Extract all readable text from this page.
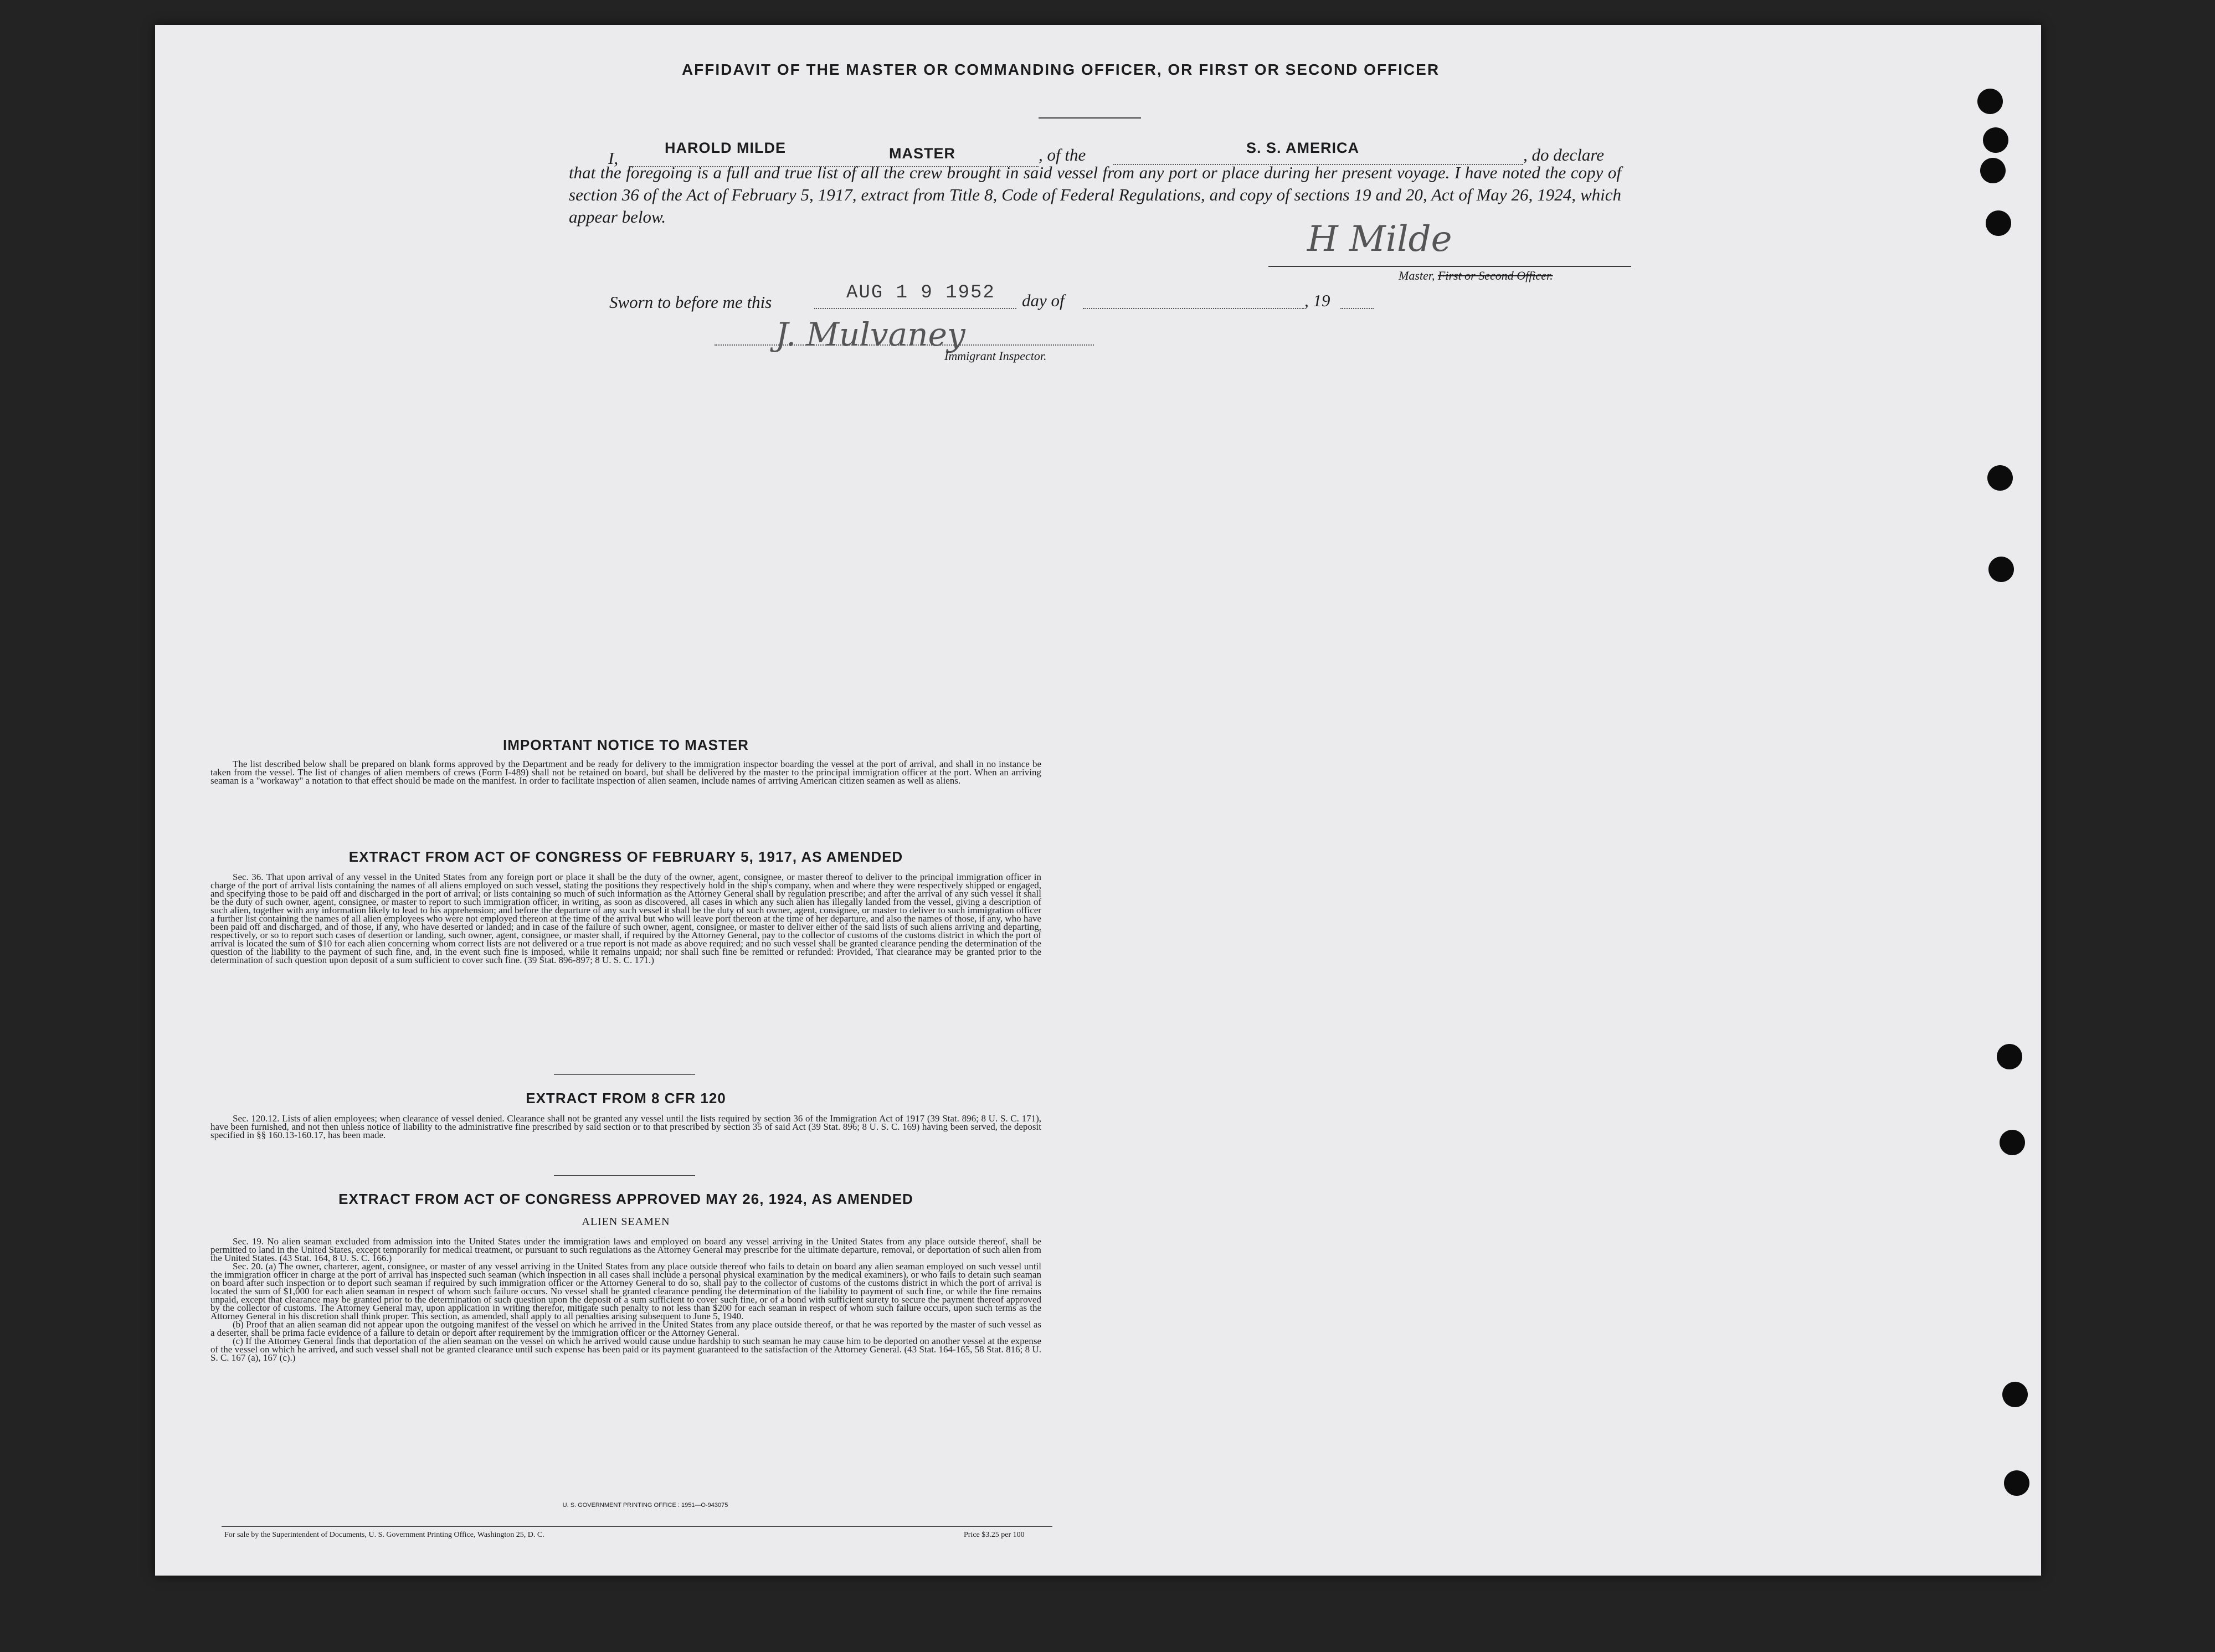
AFFIDAVIT OF THE MASTER OR COMMANDING OFFICER, OR FIRST OR SECOND OFFICER
I,
HAROLD MILDE	MASTER	, of the	S. S. AMERICA	, do declare
that the foregoing is a full and true list of all the crew brought in said vessel from any port or place during her present voyage. I have noted the copy of section 36 of the Act of February 5, 1917, extract from Title 8, Code of Federal Regulations, and copy of sections 19 and 20, Act of May 26, 1924, which appear below.
H Milde
Master, First or Second Officer.
Sworn to before me this	AUG 1 9 1952 day of	, 19
J. Mulvaney
Immigrant Inspector.
IMPORTANT NOTICE TO MASTER

The list described below shall be prepared on blank forms approved by the Department and be ready for delivery to the immigration inspector boarding the vessel at the port of arrival, and shall in no instance be taken from the vessel. The list of changes of alien members of crews (Form I-489) shall not be retained on board, but shall be delivered by the master to the principal immigration officer at the port. When an arriving seaman is a "workaway" a notation to that effect should be made on the manifest. In order to facilitate inspection of alien seamen, include names of arriving American citizen seamen as well as aliens.

EXTRACT FROM ACT OF CONGRESS OF FEBRUARY 5, 1917, AS AMENDED

Sec. 36. That upon arrival of any vessel in the United States from any foreign port or place it shall be the duty of the owner, agent, consignee, or master thereof to deliver to the principal immigration officer in charge of the port of arrival lists containing the names of all aliens employed on such vessel, stating the positions they respectively hold in the ship's company, when and where they were respectively shipped or engaged, and specifying those to be paid off and discharged in the port of arrival; or lists containing so much of such information as the Attorney General shall by regulation prescribe; and after the arrival of any such vessel it shall be the duty of such owner, agent, consignee, or master to report to such immigration officer, in writing, as soon as discovered, all cases in which any such alien has illegally landed from the vessel, giving a description of such alien, together with any information likely to lead to his apprehension; and before the departure of any such vessel it shall be the duty of such owner, agent, consignee, or master to deliver to such immigration officer a further list containing the names of all alien employees who were not employed thereon at the time of the arrival but who will leave port thereon at the time of her departure, and also the names of those, if any, who have been paid off and discharged, and of those, if any, who have deserted or landed; and in case of the failure of such owner, agent, consignee, or master to deliver either of the said lists of such aliens arriving and departing, respectively, or so to report such cases of desertion or landing, such owner, agent, consignee, or master shall, if required by the Attorney General, pay to the collector of customs of the customs district in which the port of arrival is located the sum of $10 for each alien concerning whom correct lists are not delivered or a true report is not made as above required; and no such vessel shall be granted clearance pending the determination of the question of the liability to the payment of such fine, and, in the event such fine is imposed, while it remains unpaid; nor shall such fine be remitted or refunded: Provided, That clearance may be granted prior to the determination of such question upon deposit of a sum sufficient to cover such fine. (39 Stat. 896-897; 8 U. S. C. 171.)

EXTRACT FROM 8 CFR 120

Sec. 120.12. Lists of alien employees; when clearance of vessel denied. Clearance shall not be granted any vessel until the lists required by section 36 of the Immigration Act of 1917 (39 Stat. 896; 8 U. S. C. 171), have been furnished, and not then unless notice of liability to the administrative fine prescribed by said section or to that prescribed by section 35 of said Act (39 Stat. 896; 8 U. S. C. 169) having been served, the deposit specified in §§ 160.13-160.17, has been made.

EXTRACT FROM ACT OF CONGRESS APPROVED MAY 26, 1924, AS AMENDED
ALIEN SEAMEN

Sec. 19. No alien seaman excluded from admission into the United States under the immigration laws and employed on board any vessel arriving in the United States from any place outside thereof, shall be permitted to land in the United States, except temporarily for medical treatment, or pursuant to such regulations as the Attorney General may prescribe for the ultimate departure, removal, or deportation of such alien from the United States. (43 Stat. 164, 8 U. S. C. 166.)

Sec. 20. (a) The owner, charterer, agent, consignee, or master of any vessel arriving in the United States from any place outside thereof who fails to detain on board any alien seaman employed on such vessel until the immigration officer in charge at the port of arrival has inspected such seaman (which inspection in all cases shall include a personal physical examination by the medical examiners), or who fails to detain such seaman on board after such inspection or to deport such seaman if required by such immigration officer or the Attorney General to do so, shall pay to the collector of customs of the customs district in which the port of arrival is located the sum of $1,000 for each alien seaman in respect of whom such failure occurs. No vessel shall be granted clearance pending the determination of the liability to payment of such fine, or while the fine remains unpaid, except that clearance may be granted prior to the determination of such question upon the deposit of a sum sufficient to cover such fine, or of a bond with sufficient surety to secure the payment thereof approved by the collector of customs. The Attorney General may, upon application in writing therefor, mitigate such penalty to not less than $200 for each seaman in respect of whom such failure occurs, upon such terms as the Attorney General in his discretion shall think proper. This section, as amended, shall apply to all penalties arising subsequent to June 5, 1940.

(b) Proof that an alien seaman did not appear upon the outgoing manifest of the vessel on which he arrived in the United States from any place outside thereof, or that he was reported by the master of such vessel as a deserter, shall be prima facie evidence of a failure to detain or deport after requirement by the immigration officer or the Attorney General.

(c) If the Attorney General finds that deportation of the alien seaman on the vessel on which he arrived would cause undue hardship to such seaman he may cause him to be deported on another vessel at the expense of the vessel on which he arrived, and such vessel shall not be granted clearance until such expense has been paid or its payment guaranteed to the satisfaction of the Attorney General. (43 Stat. 164-165, 58 Stat. 816; 8 U. S. C. 167 (a), 167 (c).)

U. S. GOVERNMENT PRINTING OFFICE : 1951—O-943075
For sale by the Superintendent of Documents, U. S. Government Printing Office, Washington 25, D. C.	Price $3.25 per 100
